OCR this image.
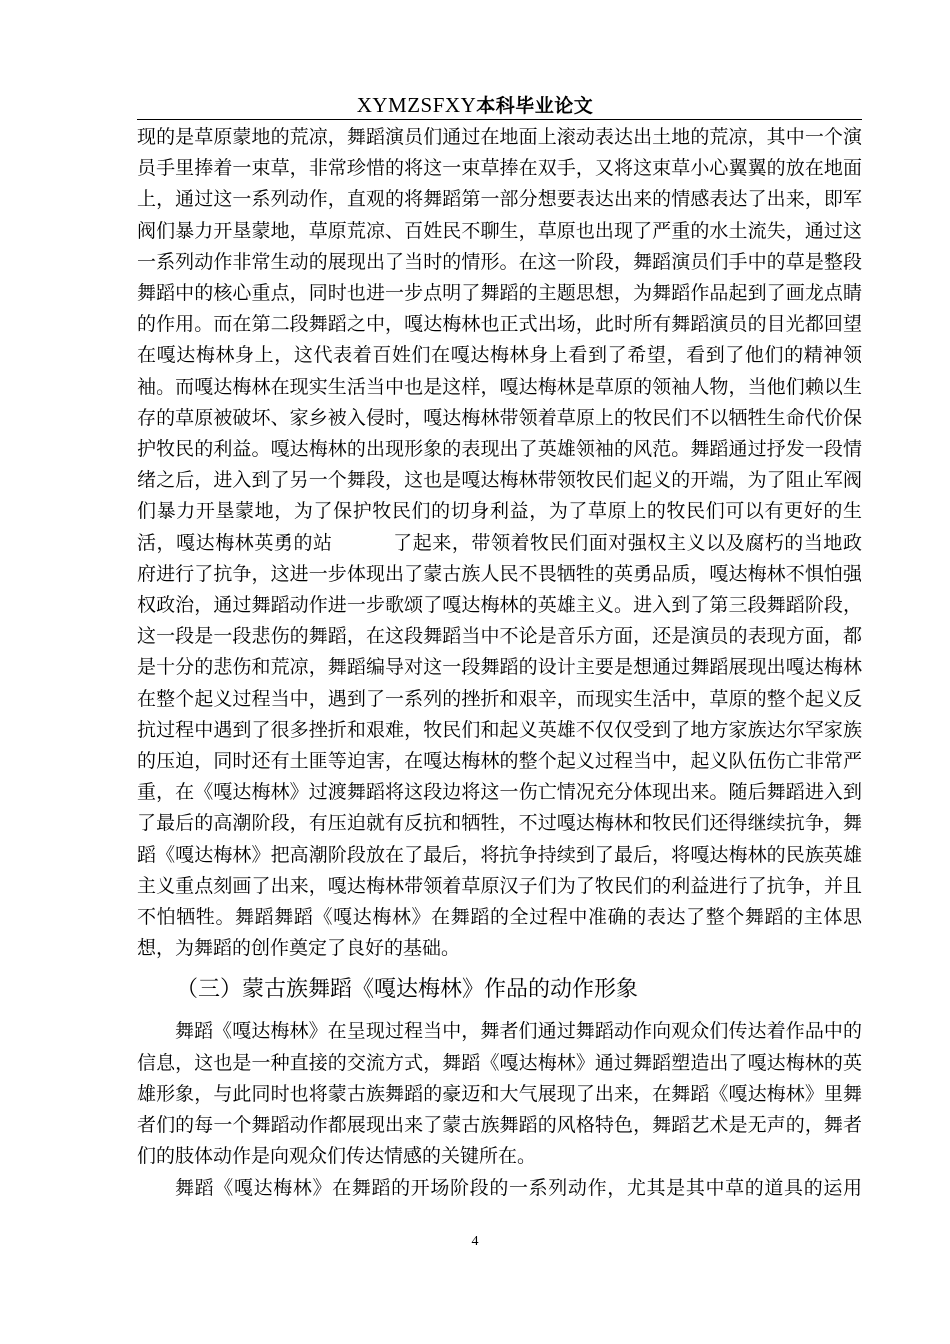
XYMZSFXY本科毕业论文

现的是草原蒙地的荒凉，舞蹈演员们通过在地面上滚动表达出土地的荒凉，其中一个演员手里捧着一束草，非常珍惜的将这一束草捧在双手，又将这束草小心翼翼的放在地面上，通过这一系列动作，直观的将舞蹈第一部分想要表达出来的情感表达了出来，即军阀们暴力开垦蒙地，草原荒凉、百姓民不聊生，草原也出现了严重的水土流失，通过这一系列动作非常生动的展现出了当时的情形。在这一阶段，舞蹈演员们手中的草是整段舞蹈中的核心重点，同时也进一步点明了舞蹈的主题思想，为舞蹈作品起到了画龙点睛的作用。而在第二段舞蹈之中，嘎达梅林也正式出场，此时所有舞蹈演员的目光都回望在嘎达梅林身上，这代表着百姓们在嘎达梅林身上看到了希望，看到了他们的精神领袖。而嘎达梅林在现实生活当中也是这样，嘎达梅林是草原的领袖人物，当他们赖以生存的草原被破坏、家乡被入侵时，嘎达梅林带领着草原上的牧民们不以牺牲生命代价保护牧民的利益。嘎达梅林的出现形象的表现出了英雄领袖的风范。舞蹈通过抒发一段情绪之后，进入到了另一个舞段，这也是嘎达梅林带领牧民们起义的开端，为了阻止军阀们暴力开垦蒙地，为了保护牧民们的切身利益，为了草原上的牧民们可以有更好的生活，嘎达梅林英勇的站	了起来，带领着牧民们面对强权主义以及腐朽的当地政府进行了抗争，这进一步体现出了蒙古族人民不畏牺牲的英勇品质，嘎达梅林不惧怕强权政治，通过舞蹈动作进一步歌颂了嘎达梅林的英雄主义。进入到了第三段舞蹈阶段，这一段是一段悲伤的舞蹈，在这段舞蹈当中不论是音乐方面，还是演员的表现方面，都是十分的悲伤和荒凉，舞蹈编导对这一段舞蹈的设计主要是想通过舞蹈展现出嘎达梅林在整个起义过程当中，遇到了一系列的挫折和艰辛，而现实生活中，草原的整个起义反抗过程中遇到了很多挫折和艰难，牧民们和起义英雄不仅仅受到了地方家族达尔罕家族的压迫，同时还有土匪等迫害，在嘎达梅林的整个起义过程当中，起义队伍伤亡非常严重，在《嘎达梅林》过渡舞蹈将这段边将这一伤亡情况充分体现出来。随后舞蹈进入到了最后的高潮阶段，有压迫就有反抗和牺牲，不过嘎达梅林和牧民们还得继续抗争，舞蹈《嘎达梅林》把高潮阶段放在了最后，将抗争持续到了最后，将嘎达梅林的民族英雄主义重点刻画了出来，嘎达梅林带领着草原汉子们为了牧民们的利益进行了抗争，并且不怕牺牲。舞蹈舞蹈《嘎达梅林》在舞蹈的全过程中准确的表达了整个舞蹈的主体思想，为舞蹈的创作奠定了良好的基础。

（三）蒙古族舞蹈《嘎达梅林》作品的动作形象

舞蹈《嘎达梅林》在呈现过程当中，舞者们通过舞蹈动作向观众们传达着作品中的信息，这也是一种直接的交流方式，舞蹈《嘎达梅林》通过舞蹈塑造出了嘎达梅林的英雄形象，与此同时也将蒙古族舞蹈的豪迈和大气展现了出来，在舞蹈《嘎达梅林》里舞者们的每一个舞蹈动作都展现出来了蒙古族舞蹈的风格特色，舞蹈艺术是无声的，舞者们的肢体动作是向观众们传达情感的关键所在。

舞蹈《嘎达梅林》在舞蹈的开场阶段的一系列动作，尤其是其中草的道具的运用

4
